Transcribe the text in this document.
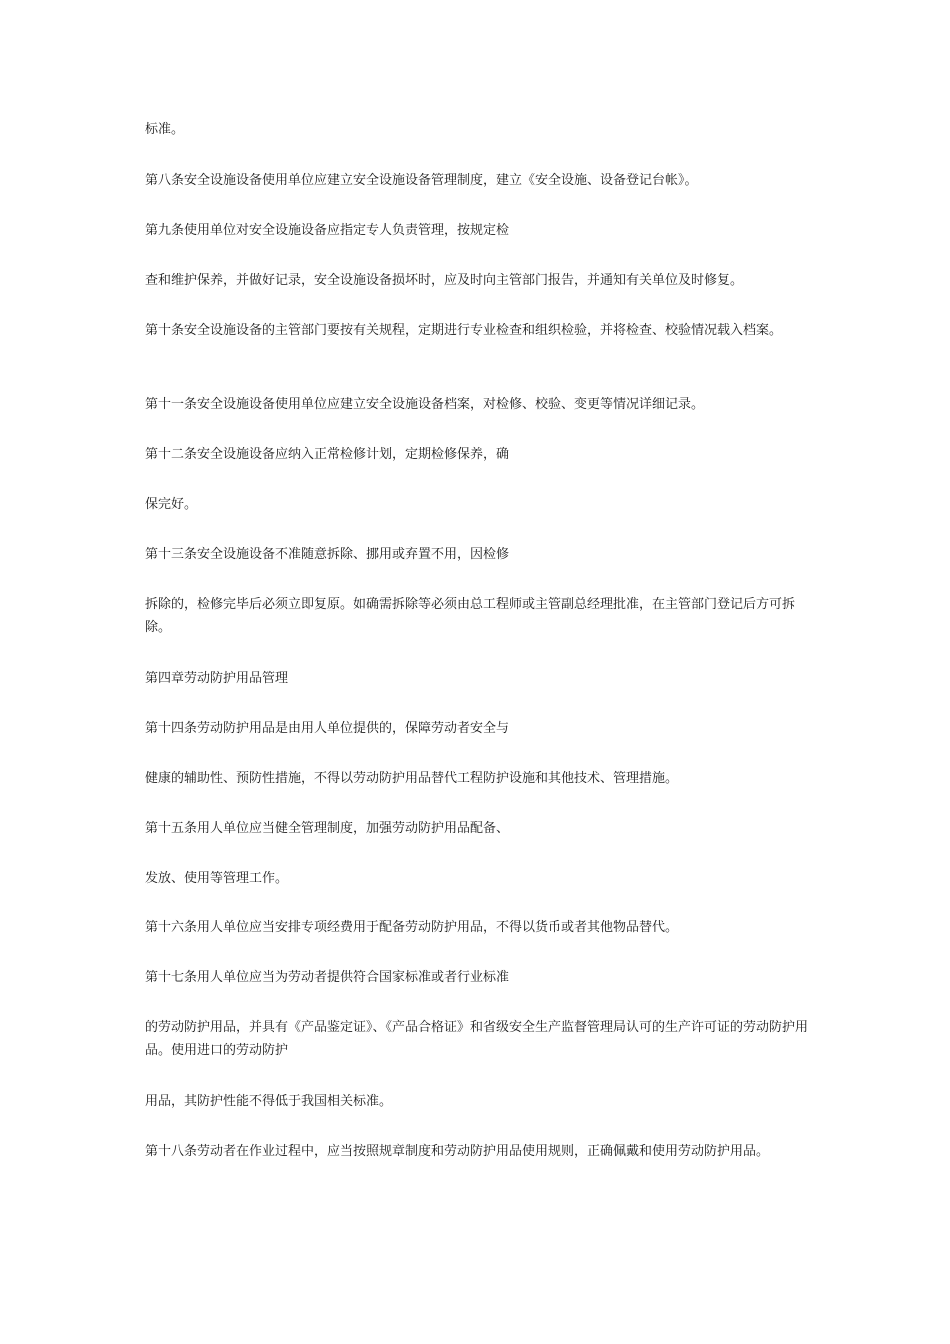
标准。

第八条安全设施设备使用单位应建立安全设施设备管理制度，建立《安全设施、设备登记台帐》。

第九条使用单位对安全设施设备应指定专人负责管理，按规定检

查和维护保养，并做好记录，安全设施设备损坏时，应及时向主管部门报告，并通知有关单位及时修复。

第十条安全设施设备的主管部门要按有关规程，定期进行专业检查和组织检验，并将检查、校验情况载入档案。

第十一条安全设施设备使用单位应建立安全设施设备档案，对检修、校验、变更等情况详细记录。

第十二条安全设施设备应纳入正常检修计划，定期检修保养，确

保完好。

第十三条安全设施设备不准随意拆除、挪用或弃置不用，因检修

拆除的，检修完毕后必须立即复原。如确需拆除等必须由总工程师或主管副总经理批准，在主管部门登记后方可拆除。

第四章劳动防护用品管理

第十四条劳动防护用品是由用人单位提供的，保障劳动者安全与

健康的辅助性、预防性措施，不得以劳动防护用品替代工程防护设施和其他技术、管理措施。

第十五条用人单位应当健全管理制度，加强劳动防护用品配备、

发放、使用等管理工作。

第十六条用人单位应当安排专项经费用于配备劳动防护用品，不得以货币或者其他物品替代。

第十七条用人单位应当为劳动者提供符合国家标准或者行业标准

的劳动防护用品，并具有《产品鉴定证》、《产品合格证》和省级安全生产监督管理局认可的生产许可证的劳动防护用品。使用进口的劳动防护

用品，其防护性能不得低于我国相关标准。

第十八条劳动者在作业过程中，应当按照规章制度和劳动防护用品使用规则，正确佩戴和使用劳动防护用品。
